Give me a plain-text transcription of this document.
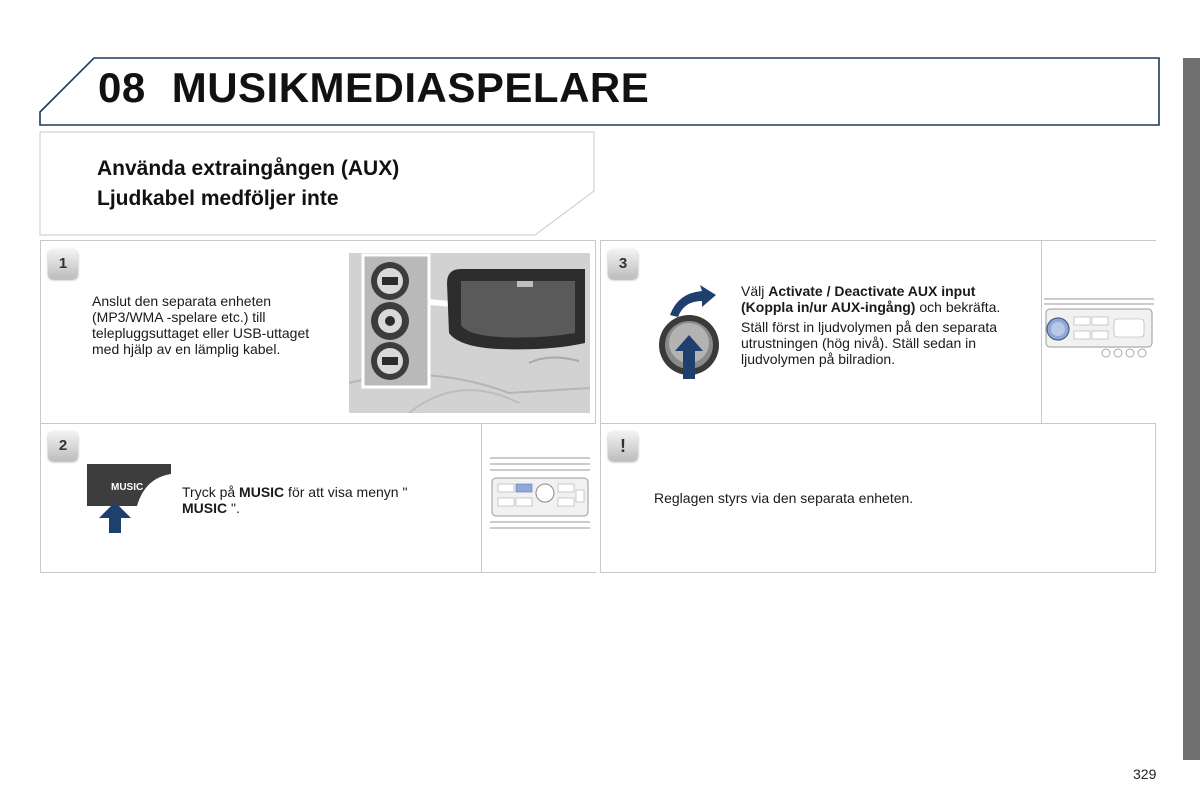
08 MUSIKMEDIASPELARE
Använda extraingången (AUX)
Ljudkabel medföljer inte
1
Anslut den separata enheten (MP3/WMA -spelare etc.) till telepluggsuttaget eller USB-uttaget med hjälp av en lämplig kabel.
2
MUSIC	Tryck på MUSIC för att visa menyn " MUSIC ".
3
Välj Activate / Deactivate AUX input (Koppla in/ur AUX-ingång) och bekräfta.
Ställ först in ljudvolymen på den separata utrustningen (hög nivå). Ställ sedan in ljudvolymen på bilradion.
!
Reglagen styrs via den separata enheten.
329
